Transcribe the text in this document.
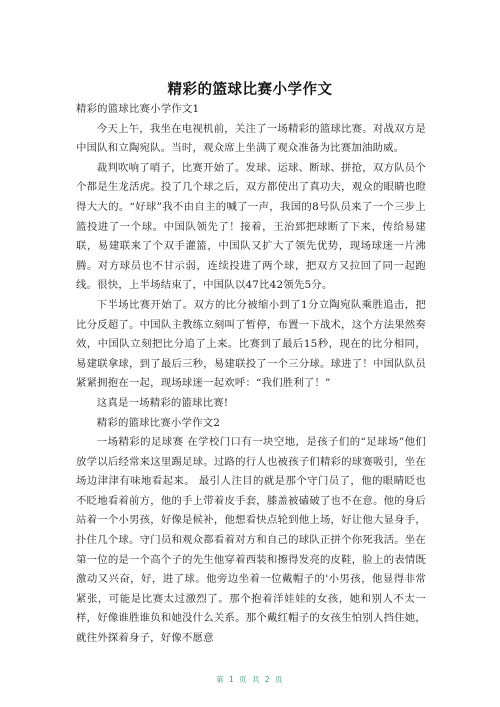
精彩的篮球比赛小学作文

精彩的篮球比赛小学作文1

今天上午，我坐在电视机前，关注了一场精彩的篮球比赛。对战双方是中国队和立陶宛队。当时，观众席上坐满了观众准备为比赛加油助威。

裁判吹响了哨子，比赛开始了。发球、运球、断球、拼抢，双方队员个个都是生龙活虎。投了几个球之后，双方都使出了真功夫，观众的眼睛也瞪得大大的。“好球”我不由自主的喊了一声，我国的8号队员来了一个三步上篮投进了一个球。中国队领先了！接着，王治郅把球断了下来，传给易建联，易建联来了个双手灌篮，中国队又扩大了领先优势，现场球迷一片沸腾。对方球员也不甘示弱，连续投进了两个球，把双方又拉回了同一起跑线。很快，上半场结束了，中国队以47比42领先5分。

下半场比赛开始了。双方的比分被缩小到了1分立陶宛队乘胜追击，把比分反超了。中国队主教练立刻叫了暂停，布置一下战术，这个方法果然奏效，中国队立刻把比分追了上来。比赛到了最后15秒，现在的比分相同，易建联拿球，到了最后三秒，易建联投了一个三分球。球进了！中国队队员紧紧拥抱在一起，现场球迷一起欢呼：“我们胜利了！”

这真是一场精彩的篮球比赛!

精彩的篮球比赛小学作文2

一场精彩的足球赛 在学校门口有一块空地，是孩子们的“足球场”他们放学以后经常来这里踢足球。过路的行人也被孩子们精彩的球赛吸引，坐在场边津津有味地看起来。 最引人注目的就是那个守门员了，他的眼睛眨也不眨地看着前方，他的手上带着皮手套，膝盖被磕破了也不在意。他的身后站着一个小男孩，好像是候补，他想看快点轮到他上场，好让他大显身手，扑住几个球。守门员和观众都看着对方和自己的球队正拼个你死我活。坐在第一位的是一个高个子的先生他穿着西装和擦得发亮的皮鞋，脸上的表情既激动又兴奋，好，进了球。他旁边坐着一位戴帽子的'小男孩，他显得非常紧张，可能是比赛太过激烈了。那个抱着洋娃娃的女孩，她和别人不太一样，好像谁胜谁负和她没什么关系。那个戴红帽子的女孩生怕别人挡住她，就往外探着身子，好像不愿意

第 1 页 共 2 页
